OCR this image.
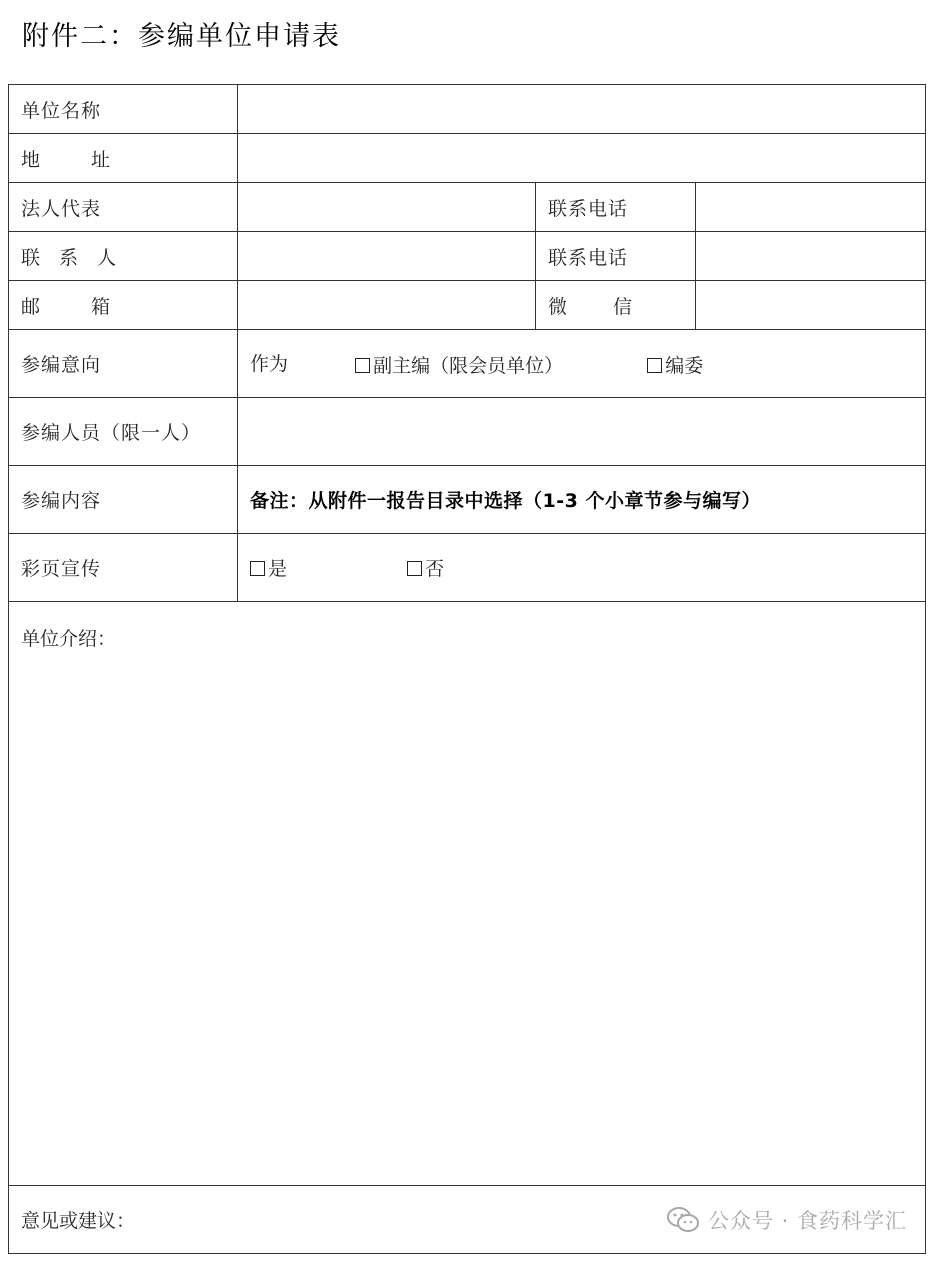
附件二：参编单位申请表
单位名称			
地 址			
法人代表		联系电话	
联 系 人		联系电话	
邮 箱		微 信	
参编意向	作为 副主编（限会员单位） 编委		
参编人员（限一人）			
参编内容	备注：从附件一报告目录中选择（1-3 个小章节参与编写）		
彩页宣传	是 否		
单位介绍：			
意见或建议： 公众号 · 食药科学汇			
